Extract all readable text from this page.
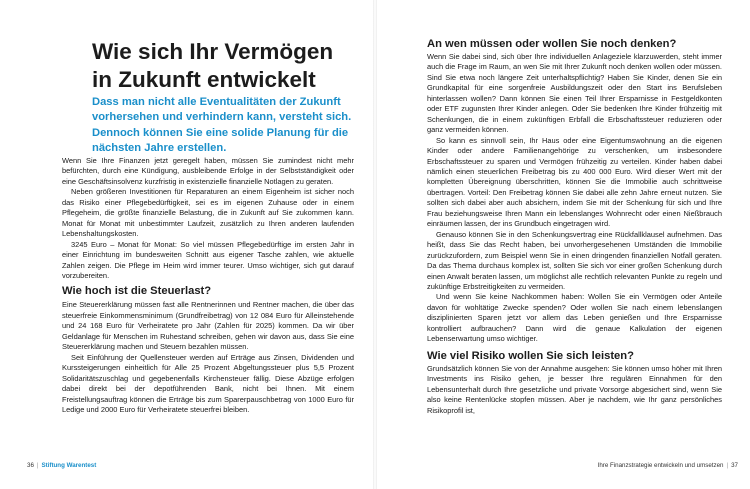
Wie sich Ihr Vermögen
in Zukunft entwickelt

Dass man nicht alle Eventualitäten der Zukunft vorhersehen und verhindern kann, versteht sich. Dennoch können Sie eine solide Planung für die nächsten Jahre erstellen.

Wenn Sie Ihre Finanzen jetzt geregelt haben, müssen Sie zumindest nicht mehr befürchten, durch eine Kündigung, ausbleibende Erfolge in der Selbstständigkeit oder eine Geschäftsinsolvenz kurzfristig in existenzielle finanzielle Notlagen zu geraten.

Neben größeren Investitionen für Reparaturen an einem Eigenheim ist sicher noch das Risiko einer Pflegebedürftigkeit, sei es im eigenen Zuhause oder in einem Pflegeheim, die größte finanzielle Belastung, die in Zukunft auf Sie zukommen kann. Monat für Monat mit unbestimmter Laufzeit, zusätzlich zu Ihren anderen laufenden Lebenshaltungskosten.

3245 Euro – Monat für Monat: So viel müssen Pflegebedürftige im ersten Jahr in einer Einrichtung im bundesweiten Schnitt aus eigener Tasche zahlen, wie aktuelle Zahlen zeigen. Die Pflege im Heim wird immer teurer. Umso wichtiger, sich gut darauf vorzubereiten.

Wie hoch ist die Steuerlast?

Eine Steuererklärung müssen fast alle Rentnerinnen und Rentner machen, die über das steuerfreie Einkommensminimum (Grundfreibetrag) von 12 084 Euro für Alleinstehende und 24 168 Euro für Verheiratete pro Jahr (Zahlen für 2025) kommen. Da wir über Geldanlage für Menschen im Ruhestand schreiben, gehen wir davon aus, dass Sie eine Steuererklärung machen und Steuern bezahlen müssen.

Seit Einführung der Quellensteuer werden auf Erträge aus Zinsen, Dividenden und Kurssteigerungen einheitlich für Alle 25 Prozent Abgeltungssteuer plus 5,5 Prozent Solidaritätszuschlag und gegebenenfalls Kirchensteuer fällig. Diese Abzüge erfolgen dabei direkt bei der depotführenden Bank, nicht bei Ihnen. Mit einem Freistellungsauftrag können die Erträge bis zum Sparerpauschbetrag von 1000 Euro für Ledige und 2000 Euro für Verheiratete steuerfrei bleiben.

36 | Stiftung Warentest
An wen müssen oder wollen Sie noch denken?

Wenn Sie dabei sind, sich über Ihre individuellen Anlageziele klarzuwerden, steht immer auch die Frage im Raum, an wen Sie mit Ihrer Zukunft noch denken wollen oder müssen. Sind Sie etwa noch längere Zeit unterhaltspflichtig? Haben Sie Kinder, denen Sie ein Grundkapital für eine sorgenfreie Ausbildungszeit oder den Start ins Berufsleben hinterlassen wollen? Dann können Sie einen Teil Ihrer Ersparnisse in Festgeldkonten oder ETF zugunsten Ihrer Kinder anlegen. Oder Sie bedenken Ihre Kinder frühzeitig mit Schenkungen, die in einem zukünftigen Erbfall die Erbschaftssteuer reduzieren oder ganz vermeiden können.

So kann es sinnvoll sein, Ihr Haus oder eine Eigentumswohnung an die eigenen Kinder oder andere Familienangehörige zu verschenken, um insbesondere Erbschaftssteuer zu sparen und Vermögen frühzeitig zu verteilen. Kinder haben dabei nämlich einen steuerlichen Freibetrag bis zu 400 000 Euro. Wird dieser Wert mit der kompletten Übereignung überschritten, können Sie die Immobilie auch schrittweise übertragen. Vorteil: Den Freibetrag können Sie dabei alle zehn Jahre erneut nutzen. Sie sollten sich dabei aber auch absichern, indem Sie mit der Schenkung für sich und Ihre Frau beziehungsweise Ihren Mann ein lebenslanges Wohnrecht oder einen Nießbrauch einräumen lassen, der ins Grundbuch eingetragen wird.

Genauso können Sie in den Schenkungsvertrag eine Rückfallklausel aufnehmen. Das heißt, dass Sie das Recht haben, bei unvorhergesehenen Umständen die Immobilie zurückzufordern, zum Beispiel wenn Sie in einen dringenden finanziellen Notfall geraten. Da das Thema durchaus komplex ist, sollten Sie sich vor einer großen Schenkung durch einen Anwalt beraten lassen, um möglichst alle rechtlich relevanten Punkte zu regeln und zukünftige Erbstreitigkeiten zu vermeiden.

Und wenn Sie keine Nachkommen haben: Wollen Sie ein Vermögen oder Anteile davon für wohltätige Zwecke spenden? Oder wollen Sie nach einem lebenslangen disziplinierten Sparen jetzt vor allem das Leben genießen und Ihre Ersparnisse kontrolliert aufbrauchen? Dann wird die genaue Kalkulation der eigenen Lebenserwartung umso wichtiger.

Wie viel Risiko wollen Sie sich leisten?

Grundsätzlich können Sie von der Annahme ausgehen: Sie können umso höher mit Ihren Investments ins Risiko gehen, je besser Ihre regulären Einnahmen für den Lebensunterhalt durch Ihre gesetzliche und private Vorsorge abgesichert sind, wenn Sie also keine Rentenlücke stopfen müssen. Aber je nachdem, wie Ihr ganz persönliches Risikoprofil ist,

Ihre Finanzstrategie entwickeln und umsetzen | 37
